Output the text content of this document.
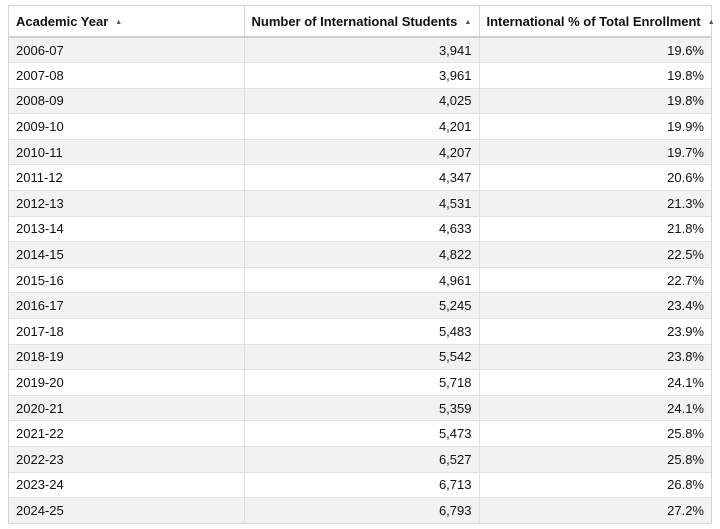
Academic Year ▲	Number of International Students ▲	International % of Total Enrollment ▲
2006-07	3,941	19.6%
2007-08	3,961	19.8%
2008-09	4,025	19.8%
2009-10	4,201	19.9%
2010-11	4,207	19.7%
2011-12	4,347	20.6%
2012-13	4,531	21.3%
2013-14	4,633	21.8%
2014-15	4,822	22.5%
2015-16	4,961	22.7%
2016-17	5,245	23.4%
2017-18	5,483	23.9%
2018-19	5,542	23.8%
2019-20	5,718	24.1%
2020-21	5,359	24.1%
2021-22	5,473	25.8%
2022-23	6,527	25.8%
2023-24	6,713	26.8%
2024-25	6,793	27.2%
